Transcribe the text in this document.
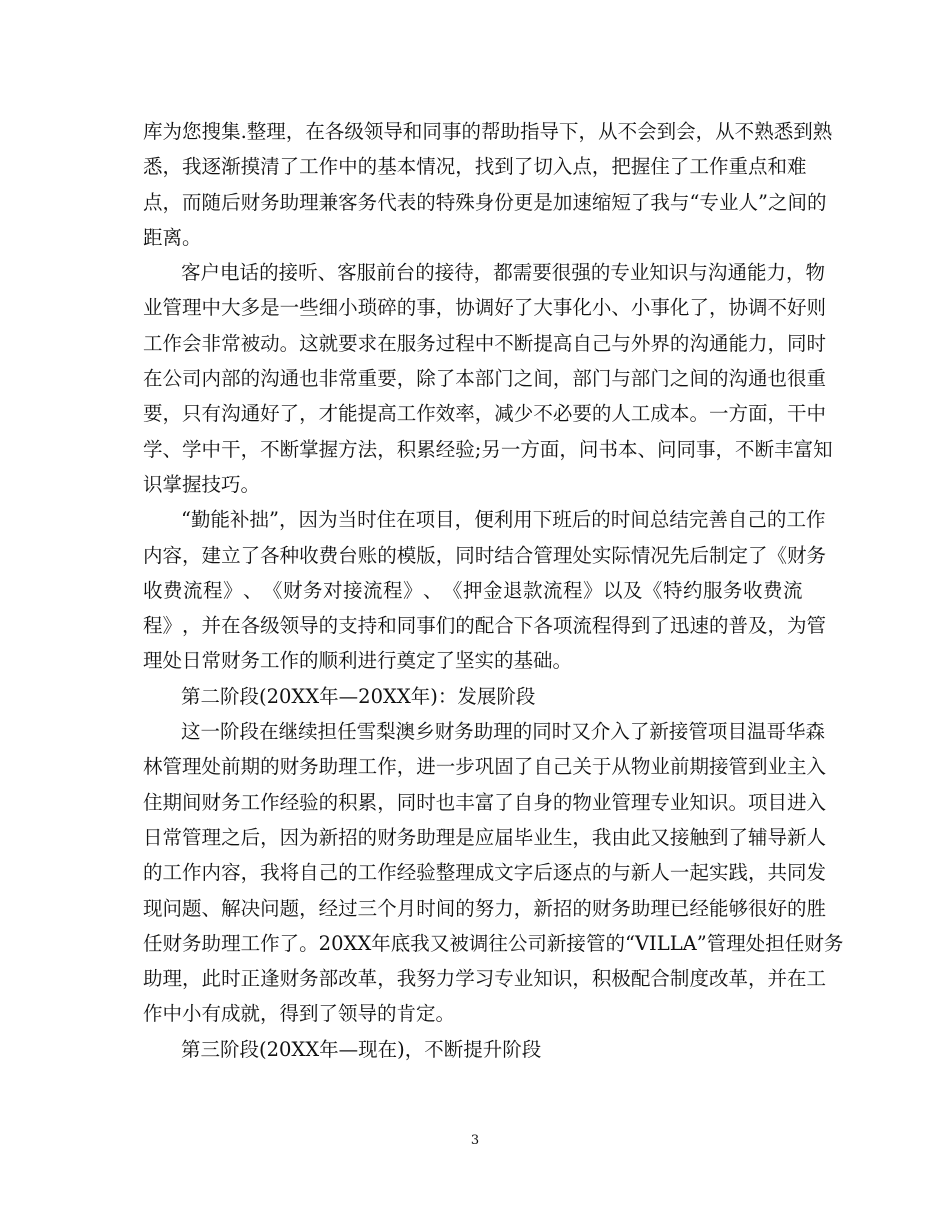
库 为 您 搜 集 . 整 理 ， 在 各 级 领 导 和 同 事 的 帮 助 指 导 下 ， 从 不 会 到 会 ， 从 不 熟 悉 到 熟
悉 ， 我 逐 渐 摸 清 了 工 作 中 的 基 本 情 况 ， 找 到 了 切 入 点 ， 把 握 住 了 工 作 重 点 和 难
点 ， 而 随 后 财 务 助 理 兼 客 务 代 表 的 特 殊 身 份 更 是 加 速 缩 短 了 我 与 “ 专 业 人 ” 之 间 的
距离。
客 户 电 话 的 接 听 、 客 服 前 台 的 接 待 ， 都 需 要 很 强 的 专 业 知 识 与 沟 通 能 力 ， 物
业 管 理 中 大 多 是 一 些 细 小 琐 碎 的 事 ， 协 调 好 了 大 事 化 小 、 小 事 化 了 ， 协 调 不 好 则
工 作 会 非 常 被 动 。 这 就 要 求 在 服 务 过 程 中 不 断 提 高 自 己 与 外 界 的 沟 通 能 力 ， 同 时
在 公 司 内 部 的 沟 通 也 非 常 重 要 ， 除 了 本 部 门 之 间 ， 部 门 与 部 门 之 间 的 沟 通 也 很 重
要 ， 只 有 沟 通 好 了 ， 才 能 提 高 工 作 效 率 ， 减 少 不 必 要 的 人 工 成 本 。 一 方 面 ， 干 中
学 、 学 中 干 ， 不 断 掌 握 方 法 ， 积 累 经 验 ; 另 一 方 面 ， 问 书 本 、 问 同 事 ， 不 断 丰 富 知
识掌握技巧。
“ 勤 能 补 拙 ” ， 因 为 当 时 住 在 项 目 ， 便 利 用 下 班 后 的 时 间 总 结 完 善 自 己 的 工 作
内 容 ， 建 立 了 各 种 收 费 台 账 的 模 版 ， 同 时 结 合 管 理 处 实 际 情 况 先 后 制 定 了 《 财 务
收 费 流 程 》 、 《 财 务 对 接 流 程 》 、 《 押 金 退 款 流 程 》 以 及 《 特 约 服 务 收 费 流
程 》 ， 并 在 各 级 领 导 的 支 持 和 同 事 们 的 配 合 下 各 项 流 程 得 到 了 迅 速 的 普 及 ， 为 管
理处日常财务工作的顺利进行奠定了坚实的基础。
第二阶段(20XX年—20XX年)：发展阶段
这 一 阶 段 在 继 续 担 任 雪 梨 澳 乡 财 务 助 理 的 同 时 又 介 入 了 新 接 管 项 目 温 哥 华 森
林 管 理 处 前 期 的 财 务 助 理 工 作 ， 进 一 步 巩 固 了 自 己 关 于 从 物 业 前 期 接 管 到 业 主 入
住 期 间 财 务 工 作 经 验 的 积 累 ， 同 时 也 丰 富 了 自 身 的 物 业 管 理 专 业 知 识 。 项 目 进 入
日 常 管 理 之 后 ， 因 为 新 招 的 财 务 助 理 是 应 届 毕 业 生 ， 我 由 此 又 接 触 到 了 辅 导 新 人
的 工 作 内 容 ， 我 将 自 己 的 工 作 经 验 整 理 成 文 字 后 逐 点 的 与 新 人 一 起 实 践 ， 共 同 发
现 问 题 、 解 决 问 题 ， 经 过 三 个 月 时 间 的 努 力 ， 新 招 的 财 务 助 理 已 经 能 够 很 好 的 胜
任 财 务 助 理 工 作 了 。 2 0 X X 年 底 我 又 被 调 往 公 司 新 接 管 的 “ V I L L A ” 管 理 处 担 任 财 务
助 理 ， 此 时 正 逢 财 务 部 改 革 ， 我 努 力 学 习 专 业 知 识 ， 积 极 配 合 制 度 改 革 ， 并 在 工
作中小有成就，得到了领导的肯定。
第三阶段(20XX年—现在)，不断提升阶段
3
